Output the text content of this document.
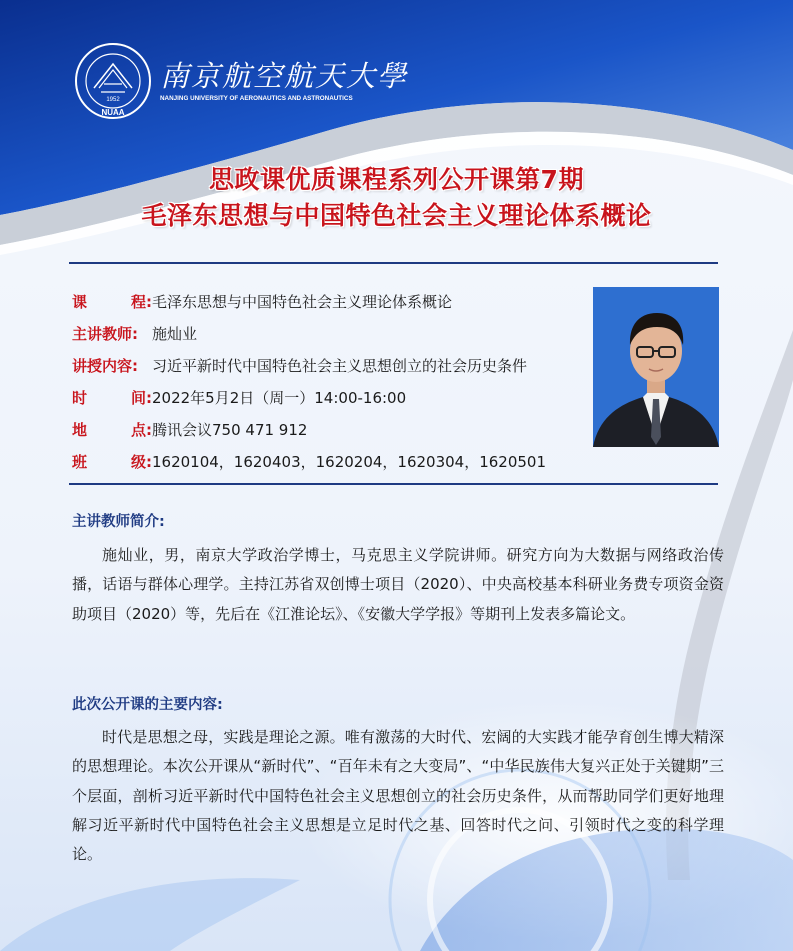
1952
NUAA
南京航空航天大學
NANJING UNIVERSITY OF AERONAUTICS AND ASTRONAUTICS
思政课优质课程系列公开课第7期
毛泽东思想与中国特色社会主义理论体系概论
课	程: 毛泽东思想与中国特色社会主义理论体系概论
主讲教师: 施灿业
讲授内容: 习近平新时代中国特色社会主义思想创立的社会历史条件
时	间: 2022年5月2日（周一）14:00-16:00
地	点: 腾讯会议750 471 912
班	级: 1620104，1620403，1620204，1620304，1620501
主讲教师简介:

施灿业，男，南京大学政治学博士，马克思主义学院讲师。研究方向为大数据与网络政治传播，话语与群体心理学。主持江苏省双创博士项目（2020）、中央高校基本科研业务费专项资金资助项目（2020）等，先后在《江淮论坛》、《安徽大学学报》等期刊上发表多篇论文。

此次公开课的主要内容:

时代是思想之母，实践是理论之源。唯有激荡的大时代、宏阔的大实践才能孕育创生博大精深的思想理论。本次公开课从“新时代”、“百年未有之大变局”、“中华民族伟大复兴正处于关键期”三个层面，剖析习近平新时代中国特色社会主义思想创立的社会历史条件，从而帮助同学们更好地理解习近平新时代中国特色社会主义思想是立足时代之基、回答时代之问、引领时代之变的科学理论。
